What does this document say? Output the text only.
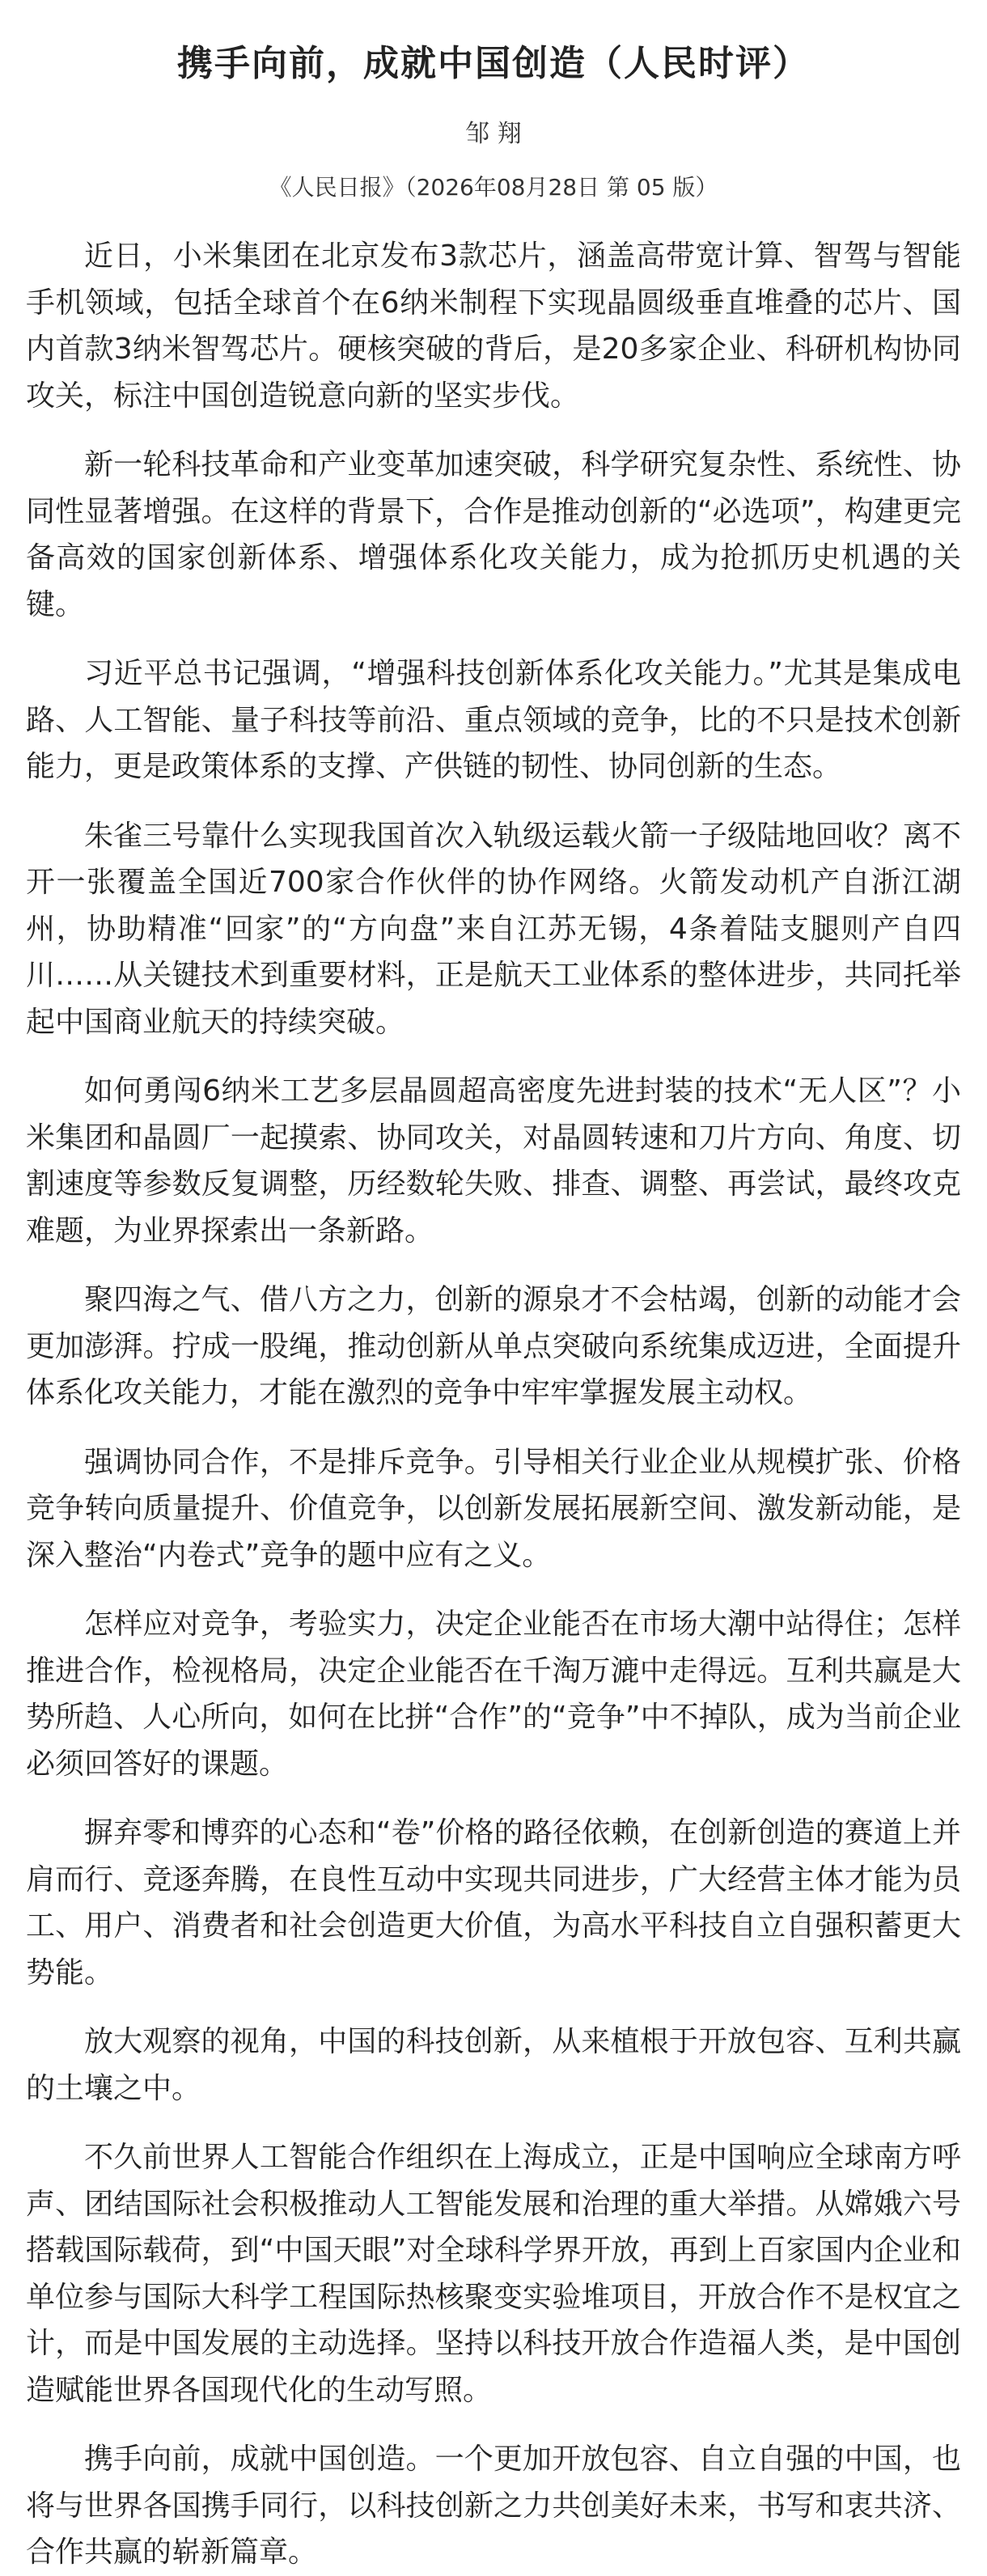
携手向前，成就中国创造（人民时评）
邹 翔
《人民日报》（2026年08月28日 第 05 版）

近日，小米集团在北京发布3款芯片，涵盖高带宽计算、智驾与智能手机领域，包括全球首个在6纳米制程下实现晶圆级垂直堆叠的芯片、国内首款3纳米智驾芯片。硬核突破的背后，是20多家企业、科研机构协同攻关，标注中国创造锐意向新的坚实步伐。

新一轮科技革命和产业变革加速突破，科学研究复杂性、系统性、协同性显著增强。在这样的背景下，合作是推动创新的“必选项”，构建更完备高效的国家创新体系、增强体系化攻关能力，成为抢抓历史机遇的关键。

习近平总书记强调，“增强科技创新体系化攻关能力。”尤其是集成电路、人工智能、量子科技等前沿、重点领域的竞争，比的不只是技术创新能力，更是政策体系的支撑、产供链的韧性、协同创新的生态。

朱雀三号靠什么实现我国首次入轨级运载火箭一子级陆地回收？离不开一张覆盖全国近700家合作伙伴的协作网络。火箭发动机产自浙江湖州，协助精准“回家”的“方向盘”来自江苏无锡，4条着陆支腿则产自四川……从关键技术到重要材料，正是航天工业体系的整体进步，共同托举起中国商业航天的持续突破。

如何勇闯6纳米工艺多层晶圆超高密度先进封装的技术“无人区”？小米集团和晶圆厂一起摸索、协同攻关，对晶圆转速和刀片方向、角度、切割速度等参数反复调整，历经数轮失败、排查、调整、再尝试，最终攻克难题，为业界探索出一条新路。

聚四海之气、借八方之力，创新的源泉才不会枯竭，创新的动能才会更加澎湃。拧成一股绳，推动创新从单点突破向系统集成迈进，全面提升体系化攻关能力，才能在激烈的竞争中牢牢掌握发展主动权。

强调协同合作，不是排斥竞争。引导相关行业企业从规模扩张、价格竞争转向质量提升、价值竞争，以创新发展拓展新空间、激发新动能，是深入整治“内卷式”竞争的题中应有之义。

怎样应对竞争，考验实力，决定企业能否在市场大潮中站得住；怎样推进合作，检视格局，决定企业能否在千淘万漉中走得远。互利共赢是大势所趋、人心所向，如何在比拼“合作”的“竞争”中不掉队，成为当前企业必须回答好的课题。

摒弃零和博弈的心态和“卷”价格的路径依赖，在创新创造的赛道上并肩而行、竞逐奔腾，在良性互动中实现共同进步，广大经营主体才能为员工、用户、消费者和社会创造更大价值，为高水平科技自立自强积蓄更大势能。

放大观察的视角，中国的科技创新，从来植根于开放包容、互利共赢的土壤之中。

不久前世界人工智能合作组织在上海成立，正是中国响应全球南方呼声、团结国际社会积极推动人工智能发展和治理的重大举措。从嫦娥六号搭载国际载荷，到“中国天眼”对全球科学界开放，再到上百家国内企业和单位参与国际大科学工程国际热核聚变实验堆项目，开放合作不是权宜之计，而是中国发展的主动选择。坚持以科技开放合作造福人类，是中国创造赋能世界各国现代化的生动写照。

携手向前，成就中国创造。一个更加开放包容、自立自强的中国，也将与世界各国携手同行，以科技创新之力共创美好未来，书写和衷共济、合作共赢的崭新篇章。
